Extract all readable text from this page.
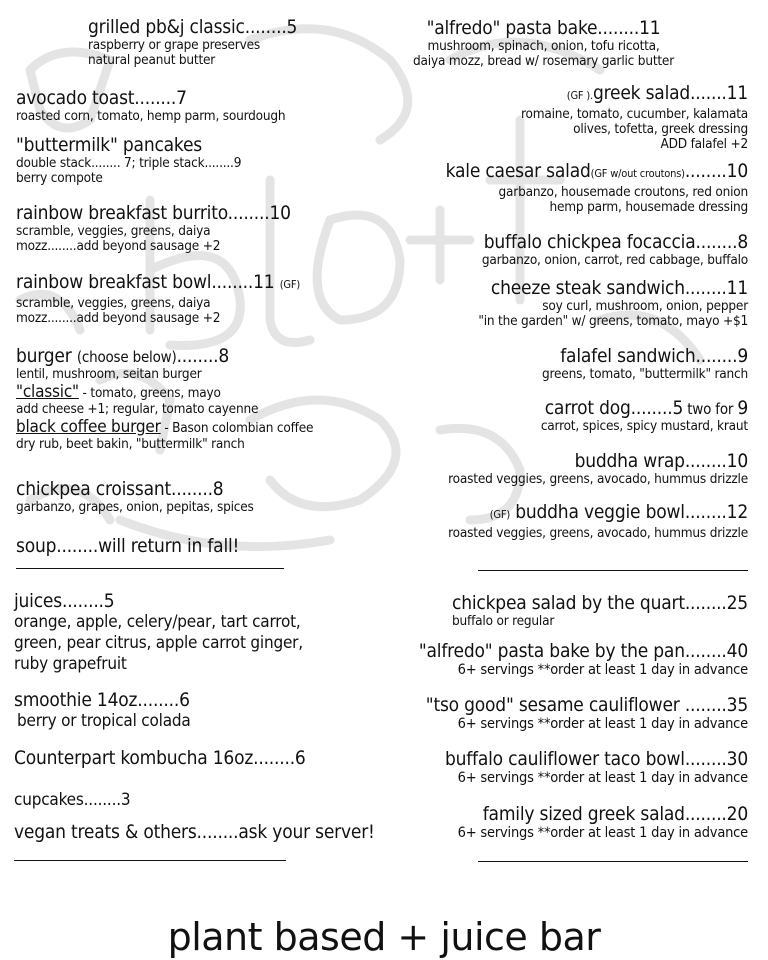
grilled pb&j classic........5
raspberry or grape preserves
natural peanut butter
avocado toast........7
roasted corn, tomato, hemp parm, sourdough
"buttermilk" pancakes
double stack........ 7; triple stack........9
berry compote
rainbow breakfast burrito........10
scramble, veggies, greens, daiya
mozz........add beyond sausage +2
rainbow breakfast bowl........11 (GF)
scramble, veggies, greens, daiya
mozz........add beyond sausage +2
burger (choose below)........8
lentil, mushroom, seitan burger
"classic" - tomato, greens, mayo
add cheese +1; regular, tomato cayenne
black coffee burger - Bason colombian coffee
dry rub, beet bakin, "buttermilk" ranch
chickpea croissant........8
garbanzo, grapes, onion, pepitas, spices
soup........will return in fall!
"alfredo" pasta bake........11
mushroom, spinach, onion, tofu ricotta,
daiya mozz, bread w/ rosemary garlic butter
(GF ).greek salad.......11
romaine, tomato, cucumber, kalamata
olives, tofetta, greek dressing
ADD falafel +2
kale caesar salad(GF w/out croutons)........10
garbanzo, housemade croutons, red onion
hemp parm, housemade dressing
buffalo chickpea focaccia........8
garbanzo, onion, carrot, red cabbage, buffalo
cheeze steak sandwich........11
soy curl, mushroom, onion, pepper
"in the garden" w/ greens, tomato, mayo +$1
falafel sandwich........9
greens, tomato, "buttermilk" ranch
carrot dog........5 two for 9
carrot, spices, spicy mustard, kraut
buddha wrap........10
roasted veggies, greens, avocado, hummus drizzle
(GF) buddha veggie bowl........12
roasted veggies, greens, avocado, hummus drizzle
juices........5
orange, apple, celery/pear, tart carrot,
green, pear citrus, apple carrot ginger,
ruby grapefruit
smoothie 14oz........6
berry or tropical colada
Counterpart kombucha 16oz........6
cupcakes........3
vegan treats & others........ask your server!
chickpea salad by the quart........25
buffalo or regular
"alfredo" pasta bake by the pan........40
6+ servings **order at least 1 day in advance
"tso good" sesame cauliflower ........35
6+ servings **order at least 1 day in advance
buffalo cauliflower taco bowl........30
6+ servings **order at least 1 day in advance
family sized greek salad........20
6+ servings **order at least 1 day in advance
plant based + juice bar
